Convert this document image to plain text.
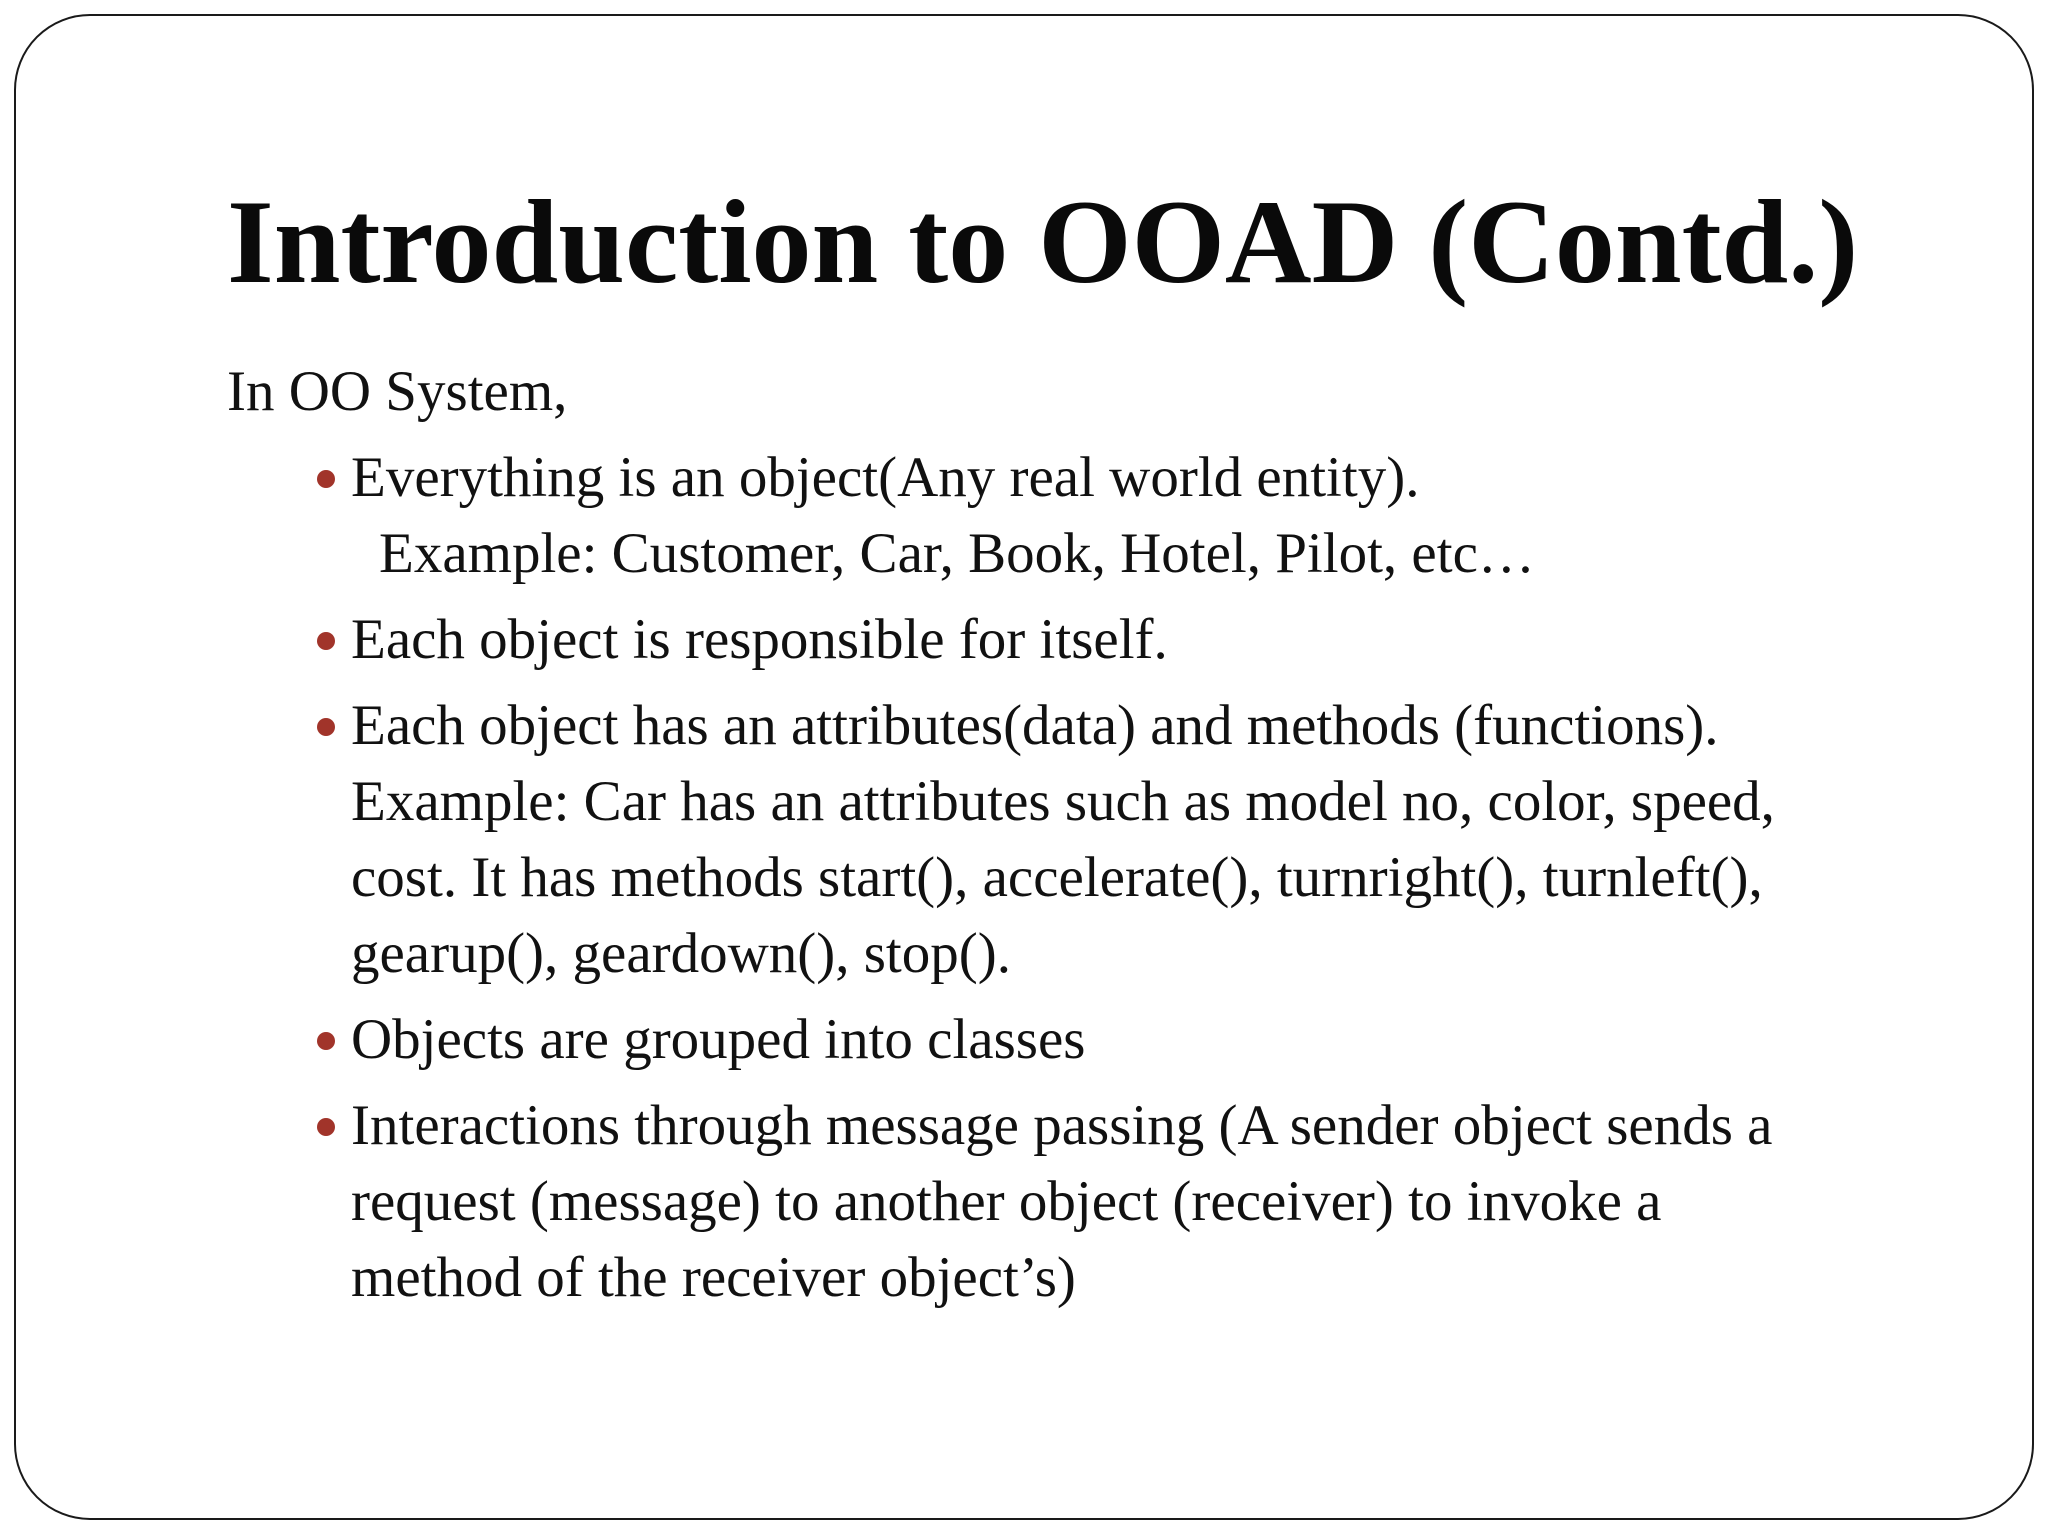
Introduction to OOAD (Contd.)

In OO System,

Everything is an object(Any real world entity).
Example: Customer, Car, Book, Hotel, Pilot, etc…
Each object is responsible for itself.
Each object has an attributes(data) and methods (functions).
Example: Car has an attributes such as model no, color, speed,
cost. It has methods start(), accelerate(), turnright(), turnleft(),
gearup(), geardown(), stop().
Objects are grouped into classes
Interactions through message passing (A sender object sends a
request (message) to another object (receiver) to invoke a
method of the receiver object’s)
